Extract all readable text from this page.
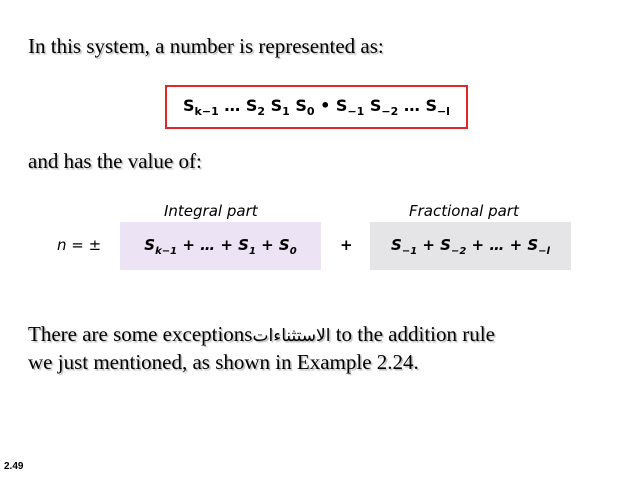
In this system, a number is represented as:
$S_{k-1}$ … $S_2$ $S_1$ $S_0$ • $S_{-1}$ $S_{-2}$ … $S_{-l}$
and has the value of:
Integral part	Fractional part
n = ±	$S_{k-1}$ + … + $S_1 + S_0$	+	$S_{-1} + S_{-2}$ + … + $S_{-l}$
There are some exceptionsالاستثناءات to the addition rule
we just mentioned, as shown in Example 2.24.
2.49
